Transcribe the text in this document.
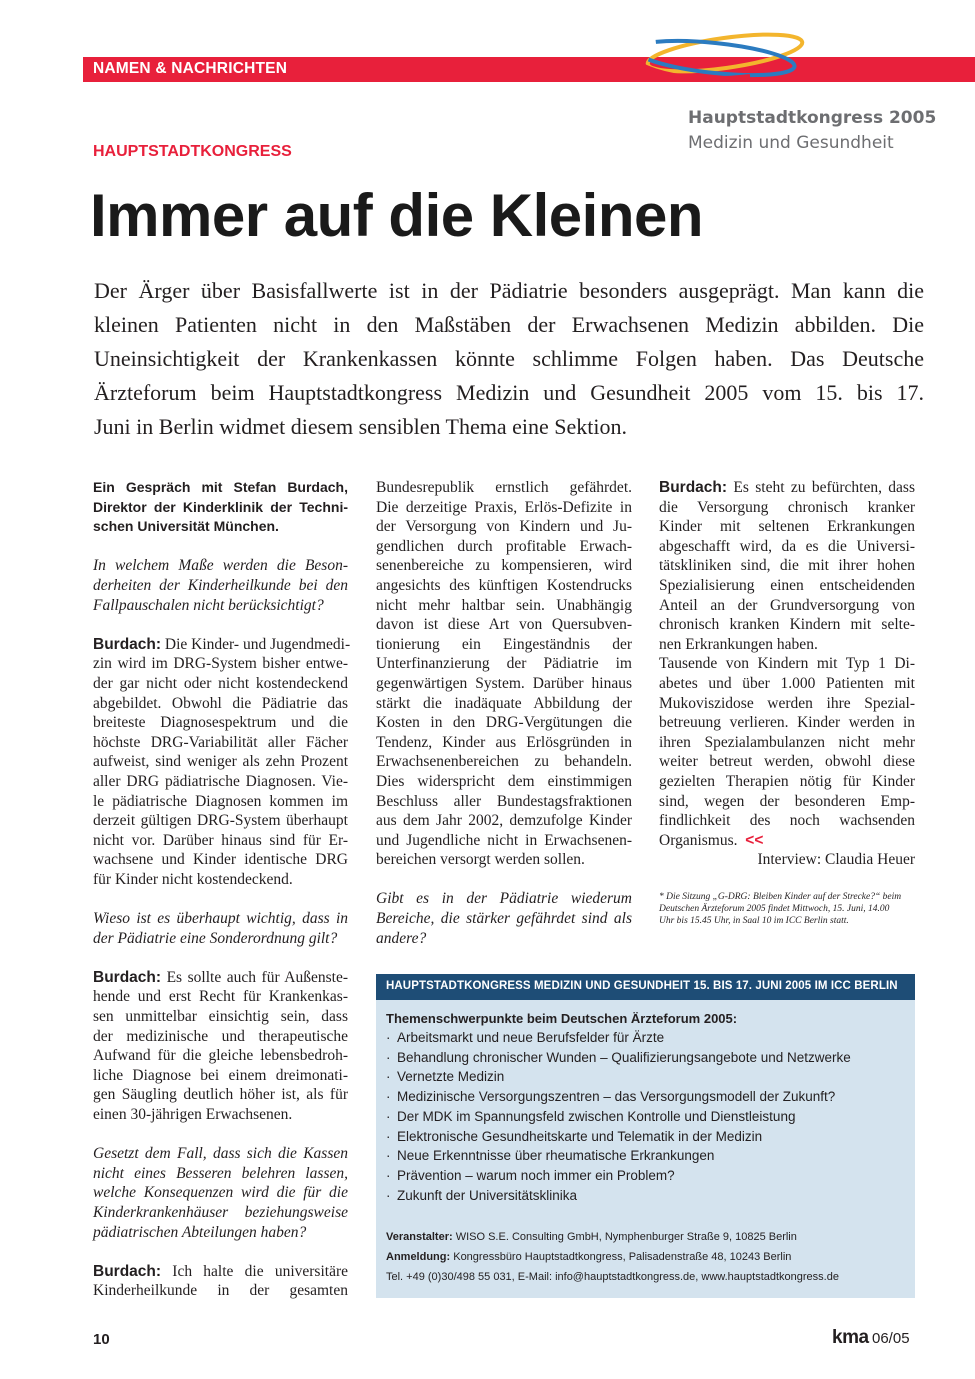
NAMEN & NACHRICHTEN
Hauptstadtkongress 2005
Medizin und Gesundheit
HAUPTSTADTKONGRESS
Immer auf die Kleinen
Der Ärger über Basisfallwerte ist in der Pädiatrie besonders ausgeprägt. Man kann die
kleinen Patienten nicht in den Maßstäben der Erwachsenen Medizin abbilden. Die
Uneinsichtigkeit der Krankenkassen könnte schlimme Folgen haben. Das Deutsche
Ärzteforum beim Hauptstadtkongress Medizin und Gesundheit 2005 vom 15. bis 17.
Juni in Berlin widmet diesem sensiblen Thema eine Sektion.

Ein Gespräch mit Stefan Burdach,
Direktor der Kinderklinik der Techni-
schen Universität München.

In welchem Maße werden die Beson-
derheiten der Kinderheilkunde bei den
Fallpauschalen nicht berücksichtigt?

Burdach: Die Kinder- und Jugendmedi-
zin wird im DRG-System bisher entwe-
der gar nicht oder nicht kostendeckend
abgebildet. Obwohl die Pädiatrie das
breiteste Diagnosespektrum und die
höchste DRG-Variabilität aller Fächer
aufweist, sind weniger als zehn Prozent
aller DRG pädiatrische Diagnosen. Vie-
le pädiatrische Diagnosen kommen im
derzeit gültigen DRG-System überhaupt
nicht vor. Darüber hinaus sind für Er-
wachsene und Kinder identische DRG
für Kinder nicht kostendeckend.

Wieso ist es überhaupt wichtig, dass in
der Pädiatrie eine Sonderordnung gilt?

Burdach: Es sollte auch für Außenste-
hende und erst Recht für Krankenkas-
sen unmittelbar einsichtig sein, dass
der medizinische und therapeutische
Aufwand für die gleiche lebensbedroh-
liche Diagnose bei einem dreimonati-
gen Säugling deutlich höher ist, als für
einen 30-jährigen Erwachsenen.

Gesetzt dem Fall, dass sich die Kassen
nicht eines Besseren belehren lassen,
welche Konsequenzen wird die für die
Kinderkrankenhäuser beziehungsweise
pädiatrischen Abteilungen haben?

Burdach: Ich halte die universitäre
Kinderheilkunde in der gesamten

Bundesrepublik ernstlich gefährdet.
Die derzeitige Praxis, Erlös-Defizite in
der Versorgung von Kindern und Ju-
gendlichen durch profitable Erwach-
senenbereiche zu kompensieren, wird
angesichts des künftigen Kostendrucks
nicht mehr haltbar sein. Unabhängig
davon ist diese Art von Quersubven-
tionierung ein Eingeständnis der
Unterfinanzierung der Pädiatrie im
gegenwärtigen System. Darüber hinaus
stärkt die inadäquate Abbildung der
Kosten in den DRG-Vergütungen die
Tendenz, Kinder aus Erlösgründen in
Erwachsenenbereichen zu behandeln.
Dies widerspricht dem einstimmigen
Beschluss aller Bundestagsfraktionen
aus dem Jahr 2002, demzufolge Kinder
und Jugendliche nicht in Erwachsenen-
bereichen versorgt werden sollen.

Gibt es in der Pädiatrie wiederum
Bereiche, die stärker gefährdet sind als
andere?

Burdach: Es steht zu befürchten, dass
die Versorgung chronisch kranker
Kinder mit seltenen Erkrankungen
abgeschafft wird, da es die Universi-
tätskliniken sind, die mit ihrer hohen
Spezialisierung einen entscheidenden
Anteil an der Grundversorgung von
chronisch kranken Kindern mit selte-
nen Erkrankungen haben.

Tausende von Kindern mit Typ 1 Di-
abetes und über 1.000 Patienten mit
Mukoviszidose werden ihre Spezial-
betreuung verlieren. Kinder werden in
ihren Spezialambulanzen nicht mehr
weiter betreut werden, obwohl diese
gezielten Therapien nötig für Kinder
sind, wegen der besonderen Emp-
findlichkeit des noch wachsenden
Organismus. <<
Interview: Claudia Heuer

* Die Sitzung „G-DRG: Bleiben Kinder auf der Strecke?“ beim
Deutschen Ärzteforum 2005 findet Mittwoch, 15. Juni, 14.00
Uhr bis 15.45 Uhr, in Saal 10 im ICC Berlin statt.
HAUPTSTADTKONGRESS MEDIZIN UND GESUNDHEIT 15. BIS 17. JUNI 2005 IM ICC BERLIN
Themenschwerpunkte beim Deutschen Ärzteforum 2005:
· Arbeitsmarkt und neue Berufsfelder für Ärzte
· Behandlung chronischer Wunden – Qualifizierungsangebote und Netzwerke
· Vernetzte Medizin
· Medizinische Versorgungszentren – das Versorgungsmodell der Zukunft?
· Der MDK im Spannungsfeld zwischen Kontrolle und Dienstleistung
· Elektronische Gesundheitskarte und Telematik in der Medizin
· Neue Erkenntnisse über rheumatische Erkrankungen
· Prävention – warum noch immer ein Problem?
· Zukunft der Universitätsklinika
Veranstalter: WISO S.E. Consulting GmbH, Nymphenburger Straße 9, 10825 Berlin
Anmeldung: Kongressbüro Hauptstadtkongress, Palisadenstraße 48, 10243 Berlin
Tel. +49 (0)30/498 55 031, E-Mail: info@hauptstadtkongress.de, www.hauptstadtkongress.de
10	kma 06/05
